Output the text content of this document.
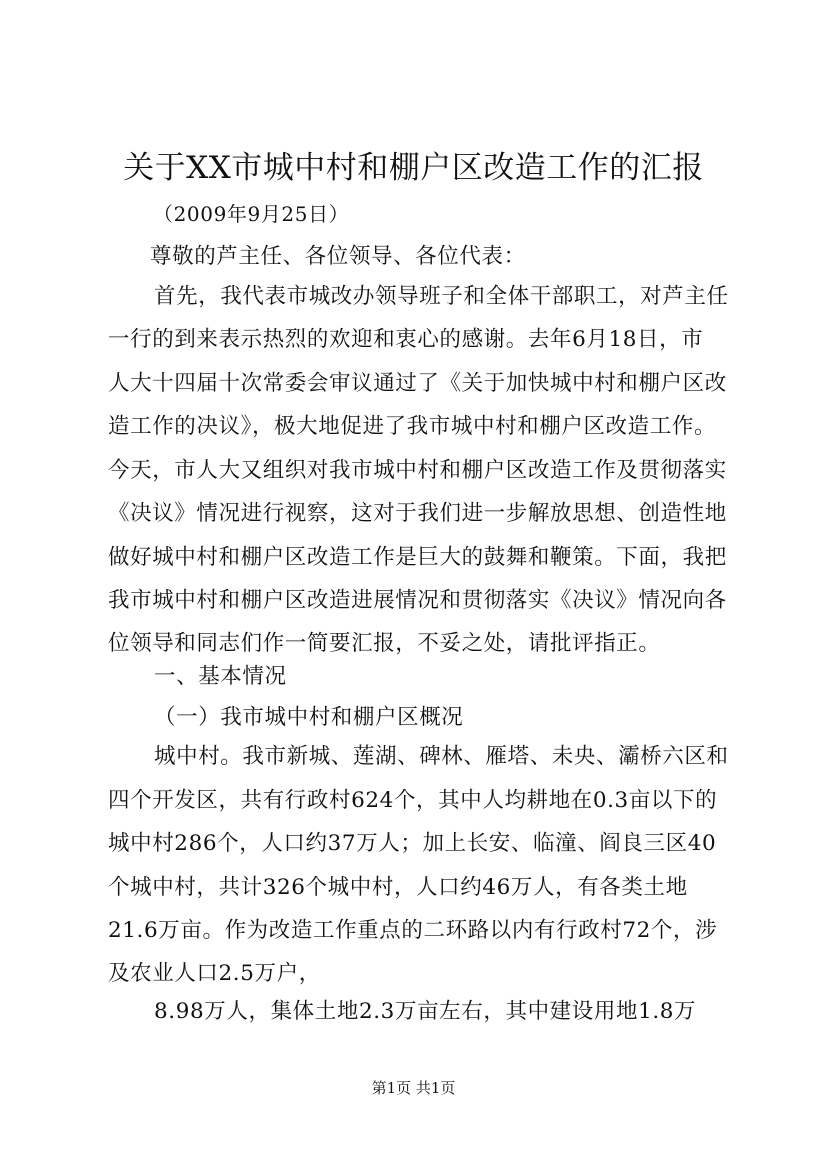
关于XX市城中村和棚户区改造工作的汇报
（2009年9月25日）
尊敬的芦主任、各位领导、各位代表：
首先，我代表市城改办领导班子和全体干部职工，对芦主任
一行的到来表示热烈的欢迎和衷心的感谢。去年6月18日，市
人大十四届十次常委会审议通过了《关于加快城中村和棚户区改
造工作的决议》，极大地促进了我市城中村和棚户区改造工作。
今天，市人大又组织对我市城中村和棚户区改造工作及贯彻落实
《决议》情况进行视察，这对于我们进一步解放思想、创造性地
做好城中村和棚户区改造工作是巨大的鼓舞和鞭策。下面，我把
我市城中村和棚户区改造进展情况和贯彻落实《决议》情况向各
位领导和同志们作一简要汇报，不妥之处，请批评指正。
一、基本情况
（一）我市城中村和棚户区概况
城中村。我市新城、莲湖、碑林、雁塔、未央、灞桥六区和
四个开发区，共有行政村624个，其中人均耕地在0.3亩以下的
城中村286个，人口约37万人；加上长安、临潼、阎良三区40
个城中村，共计326个城中村，人口约46万人，有各类土地
21.6万亩。作为改造工作重点的二环路以内有行政村72个，涉
及农业人口2.5万户，
8.98万人，集体土地2.3万亩左右，其中建设用地1.8万
第1页 共1页
